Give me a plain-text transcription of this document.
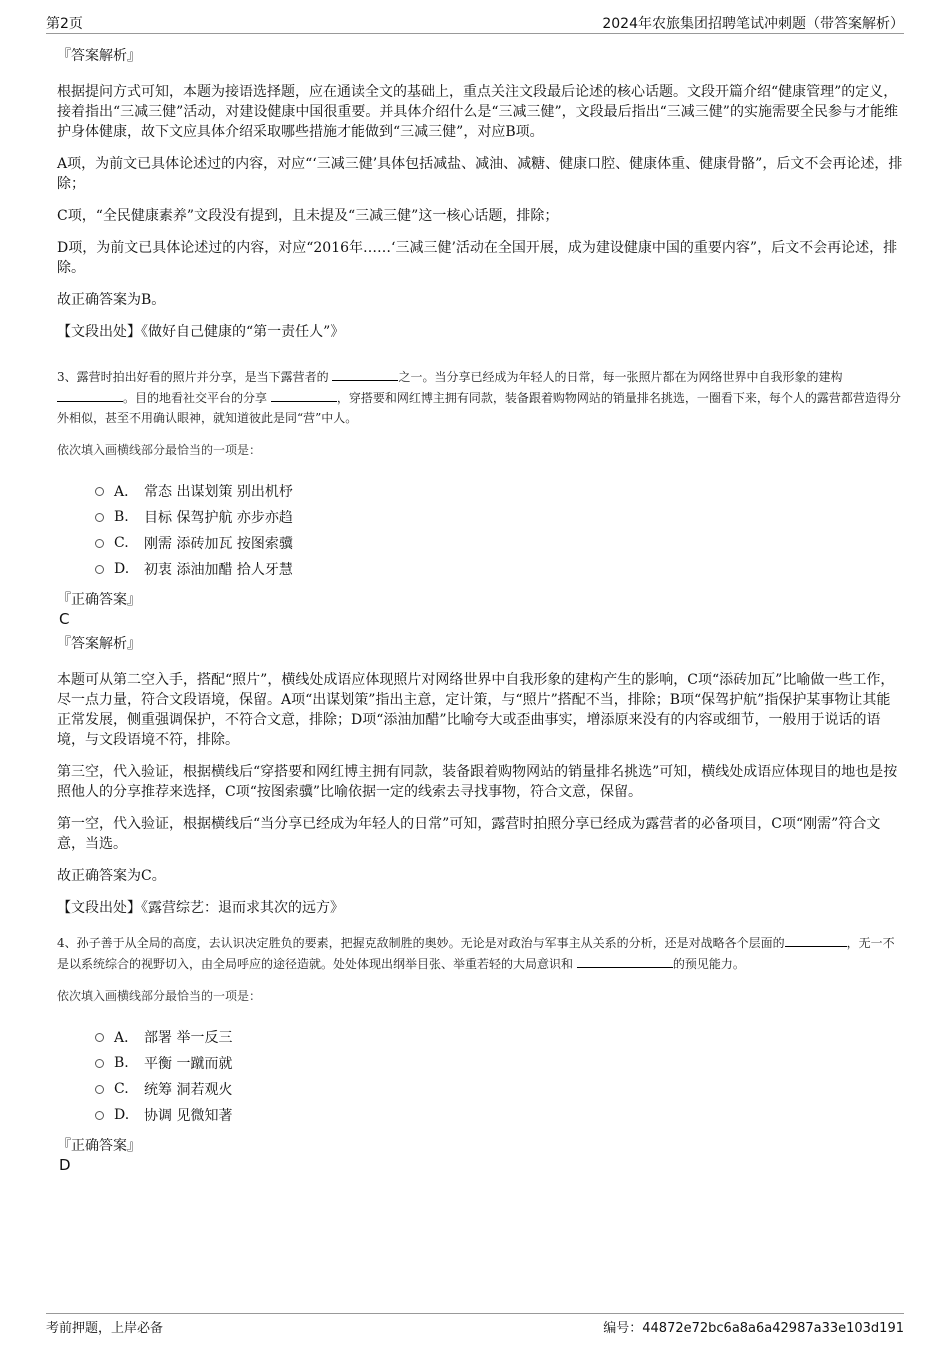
第2页	2024年农旅集团招聘笔试冲刺题（带答案解析）

『答案解析』

根据提问方式可知，本题为接语选择题，应在通读全文的基础上，重点关注文段最后论述的核心话题。文段开篇介绍“健康管理”的定义，接着指出“三减三健”活动，对建设健康中国很重要。并具体介绍什么是“三减三健”，文段最后指出“三减三健”的实施需要全民参与才能维护身体健康，故下文应具体介绍采取哪些措施才能做到“三减三健”，对应B项。

A项，为前文已具体论述过的内容，对应“‘三减三健’具体包括减盐、减油、减糖、健康口腔、健康体重、健康骨骼”，后文不会再论述，排除；

C项，“全民健康素养”文段没有提到，且未提及“三减三健”这一核心话题，排除；

D项，为前文已具体论述过的内容，对应“2016年……‘三减三健’活动在全国开展，成为建设健康中国的重要内容”，后文不会再论述，排除。

故正确答案为B。

【文段出处】《做好自己健康的“第一责任人”》

3、露营时拍出好看的照片并分享，是当下露营者的	之一。当分享已经成为年轻人的日常，每一张照片都在为网络世界中自我形象的建构 。目的地看社交平台的分享	，穿搭要和网红博主拥有同款，装备跟着购物网站的销量排名挑选，一圈看下来，每个人的露营都营造得分外相似，甚至不用确认眼神，就知道彼此是同“营”中人。

依次填入画横线部分最恰当的一项是：

A． 常态 出谋划策 别出机杼
B.	目标 保驾护航 亦步亦趋
C.	刚需 添砖加瓦 按图索骥
D.	初衷 添油加醋 拾人牙慧

『正确答案』

C

『答案解析』

本题可从第二空入手，搭配“照片”，横线处成语应体现照片对网络世界中自我形象的建构产生的影响，C项“添砖加瓦”比喻做一些工作，尽一点力量，符合文段语境，保留。A项“出谋划策”指出主意，定计策，与“照片”搭配不当，排除；B项“保驾护航”指保护某事物让其能正常发展，侧重强调保护，不符合文意，排除；D项“添油加醋”比喻夸大或歪曲事实，增添原来没有的内容或细节，一般用于说话的语境，与文段语境不符，排除。

第三空，代入验证，根据横线后“穿搭要和网红博主拥有同款，装备跟着购物网站的销量排名挑选”可知，横线处成语应体现目的地也是按照他人的分享推荐来选择，C项“按图索骥”比喻依据一定的线索去寻找事物，符合文意，保留。

第一空，代入验证，根据横线后“当分享已经成为年轻人的日常”可知，露营时拍照分享已经成为露营者的必备项目，C项“刚需”符合文意，当选。

故正确答案为C。

【文段出处】《露营综艺：退而求其次的远方》

4、孙子善于从全局的高度，去认识决定胜负的要素，把握克敌制胜的奥妙。无论是对政治与军事主从关系的分析，还是对战略各个层面的	，无一不是以系统综合的视野切入，由全局呼应的途径造就。处处体现出纲举目张、举重若轻的大局意识和	的预见能力。

依次填入画横线部分最恰当的一项是：

A． 部署 举一反三
B.	平衡 一蹴而就
C.	统筹 洞若观火
D.	协调 见微知著

『正确答案』

D

考前押题，上岸必备	编号：44872e72bc6a8a6a42987a33e103d191
